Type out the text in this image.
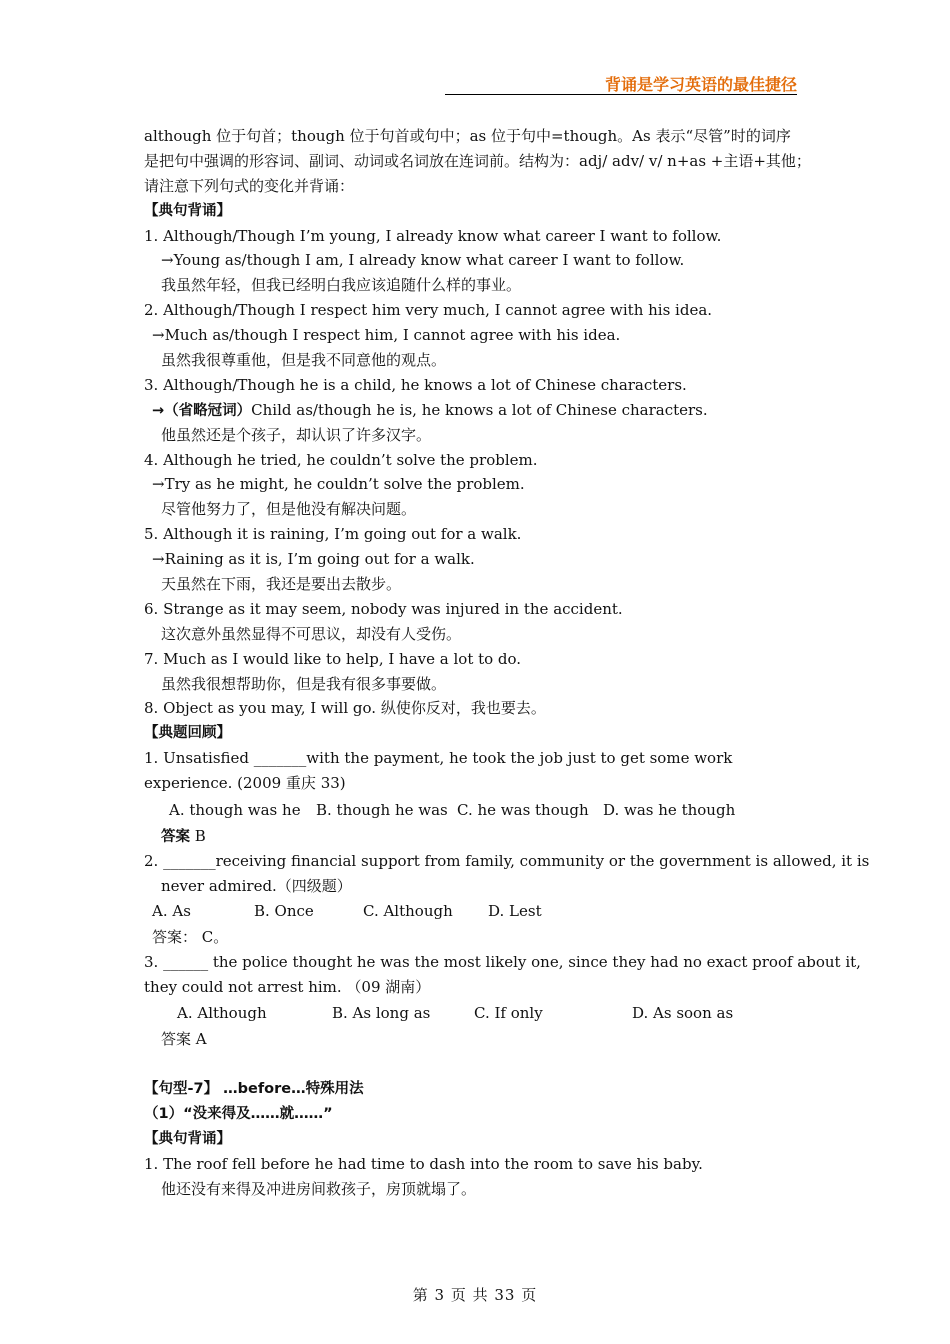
背诵是学习英语的最佳捷径
although 位于句首；though 位于句首或句中；as 位于句中=though。As 表示“尽管”时的词序
是把句中强调的形容词、副词、动词或名词放在连词前。结构为：adj/ adv/ v/ n+as +主语+其他；
请注意下列句式的变化并背诵：
【典句背诵】
1. Although/Though I’m young, I already know what career I want to follow.
→Young as/though I am, I already know what career I want to follow.
我虽然年轻，但我已经明白我应该追随什么样的事业。
2. Although/Though I respect him very much, I cannot agree with his idea.
→Much as/though I respect him, I cannot agree with his idea.
虽然我很尊重他，但是我不同意他的观点。
3. Although/Though he is a child, he knows a lot of Chinese characters.
→（省略冠词）Child as/though he is, he knows a lot of Chinese characters.
他虽然还是个孩子，却认识了许多汉字。
4. Although he tried, he couldn’t solve the problem.
→Try as he might, he couldn’t solve the problem.
尽管他努力了，但是他没有解决问题。
5. Although it is raining, I’m going out for a walk.
→Raining as it is, I’m going out for a walk.
天虽然在下雨，我还是要出去散步。
6. Strange as it may seem, nobody was injured in the accident.
这次意外虽然显得不可思议，却没有人受伤。
7. Much as I would like to help, I have a lot to do.
虽然我很想帮助你，但是我有很多事要做。
8. Object as you may, I will go. 纵使你反对，我也要去。
【典题回顾】
1. Unsatisfied _______with the payment, he took the job just to get some work experience. (2009 重庆 33)
A. though was he B. though he was C. he was though D. was he though
答案 B
2. _______receiving financial support from family, community or the government is allowed, it is
never admired.（四级题）
A. As	B. Once	C. Although D. Lest
答案： C。
3. ______ the police thought he was the most likely one, since they had no exact proof about it,
they could not arrest him. （09 湖南）
A. Although	B. As long as	C. If only	D. As soon as
答案 A
【句型-7】 …before…特殊用法
（1）“没来得及……就……”
【典句背诵】
1. The roof fell before he had time to dash into the room to save his baby.
他还没有来得及冲进房间救孩子，房顶就塌了。
第 3 页 共 33 页
